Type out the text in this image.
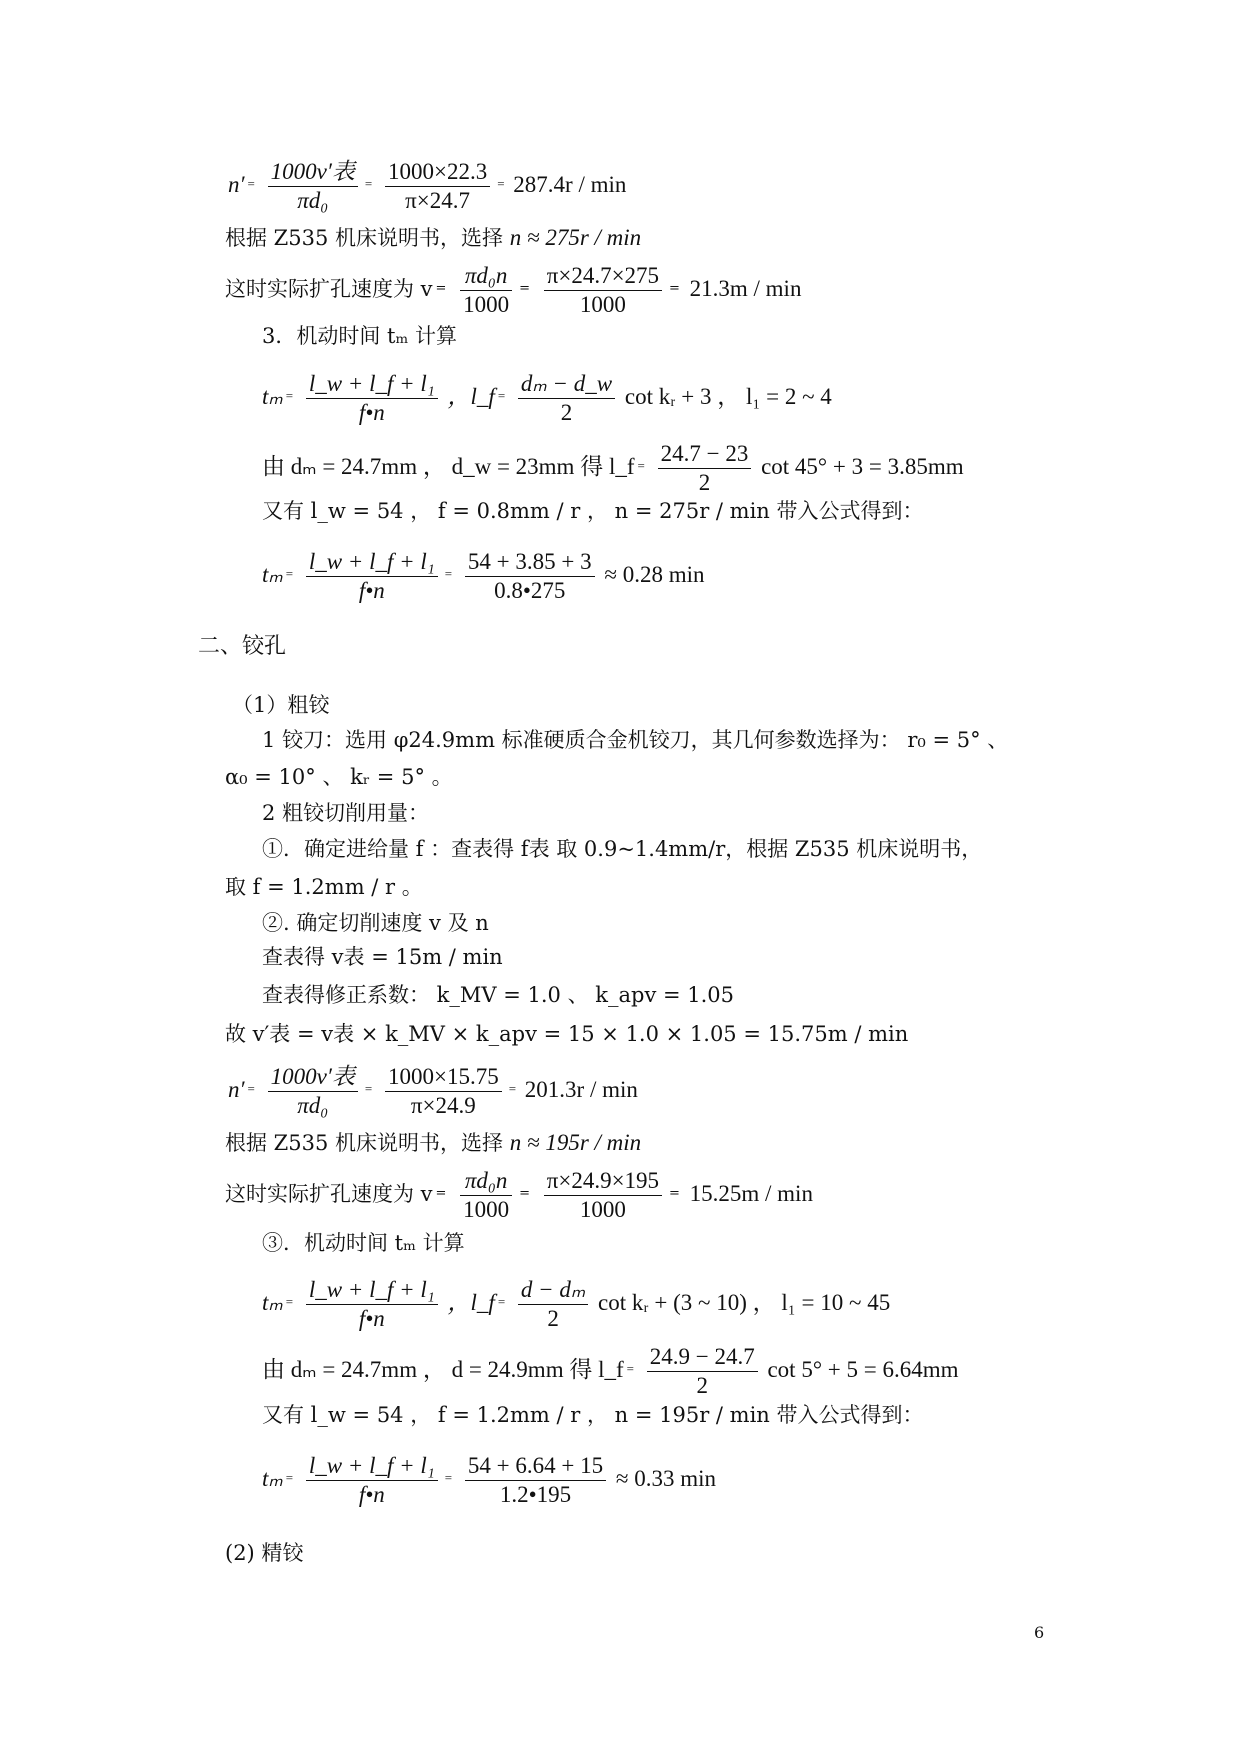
$n' = \frac{\text{1000v′表}}{\text{πd₀}} = \frac{1000\times 22.3}{\pi\times 24.7} = 287.4r / \min$
根据 Z535 机床说明书，选择 n ≈ 275r / min
这时实际扩孔速度为 $v = \frac{\text{πd₀n}}{1000} = \frac{\pi\times 24.7\times 275}{1000} = 21.3m / \min$
3．机动时间 tₘ 计算
$t_m = \frac{\text{l\_w + l\_f + l₁}}{f•n}$ ，l_f = $\frac{\text{dₘ − d\_w}}{2}$ cot kᵣ + 3 ， l₁ = 2 ~ 4
由 dₘ = 24.7mm ， d_w = 23mm 得 l_f = $\frac{24.7 - 23}{2}$ cot 45° + 3 = 3.85mm
又有 l_w = 54 ， f = 0.8mm / r ， n = 275r / min 带入公式得到：
$t_m = \frac{\text{l\_w + l\_f + l₁}}{f•n} = \frac{54 + 3.85 + 3}{0.8•275} \approx 0.28$ min
二、铰孔
（1）粗铰
1 铰刀：选用 φ24.9mm 标准硬质合金机铰刀，其几何参数选择为： r₀ = 5° 、
α₀ = 10° 、 kᵣ = 5° 。
2 粗铰切削用量：
①．确定进给量 f ：查表得 f表 取 0.9~1.4mm/r，根据 Z535 机床说明书，
取 f = 1.2mm / r 。
②. 确定切削速度 v 及 n
查表得 v表 = 15m / min
查表得修正系数： k_MV = 1.0 、 k_apv = 1.05
故 v′表 = v表 × k_MV × k_apv = 15 × 1.0 × 1.05 = 15.75m / min
$n' = \frac{\text{1000v′表}}{\text{πd₀}} = \frac{1000\times 15.75}{\pi\times 24.9} = 201.3r / \min$
根据 Z535 机床说明书，选择 n ≈ 195r / min
这时实际扩孔速度为 $v = \frac{\text{πd₀n}}{1000} = \frac{\pi\times 24.9\times 195}{1000} = 15.25m / \min$
③．机动时间 tₘ 计算
$t_m = \frac{\text{l\_w + l\_f + l₁}}{f•n}$ ，l_f = $\frac{\text{d − dₘ}}{2}$ cot kᵣ + (3 ~ 10) ， l₁ = 10 ~ 45
由 dₘ = 24.7mm ， d = 24.9mm 得 l_f = $\frac{24.9 - 24.7}{2}$ cot 5° + 5 = 6.64mm
又有 l_w = 54 ， f = 1.2mm / r ， n = 195r / min 带入公式得到：
$t_m = \frac{\text{l\_w + l\_f + l₁}}{f•n} = \frac{54 + 6.64 + 15}{1.2•195} \approx 0.33$ min
(2) 精铰
6
